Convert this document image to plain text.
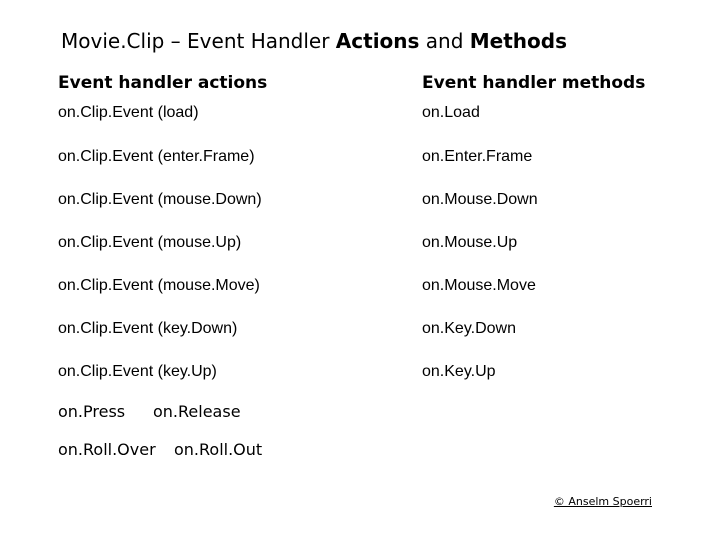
Movie.Clip – Event Handler Actions and Methods
Event handler actions	Event handler methods
on.Clip.Event (load)	on.Load
on.Clip.Event (enter.Frame)	on.Enter.Frame
on.Clip.Event (mouse.Down)	on.Mouse.Down
on.Clip.Event (mouse.Up)	on.Mouse.Up
on.Clip.Event (mouse.Move)	on.Mouse.Move
on.Clip.Event (key.Down)	on.Key.Down
on.Clip.Event (key.Up)	on.Key.Up
on.Press on.Release
on.Roll.Over on.Roll.Out
© Anselm Spoerri
